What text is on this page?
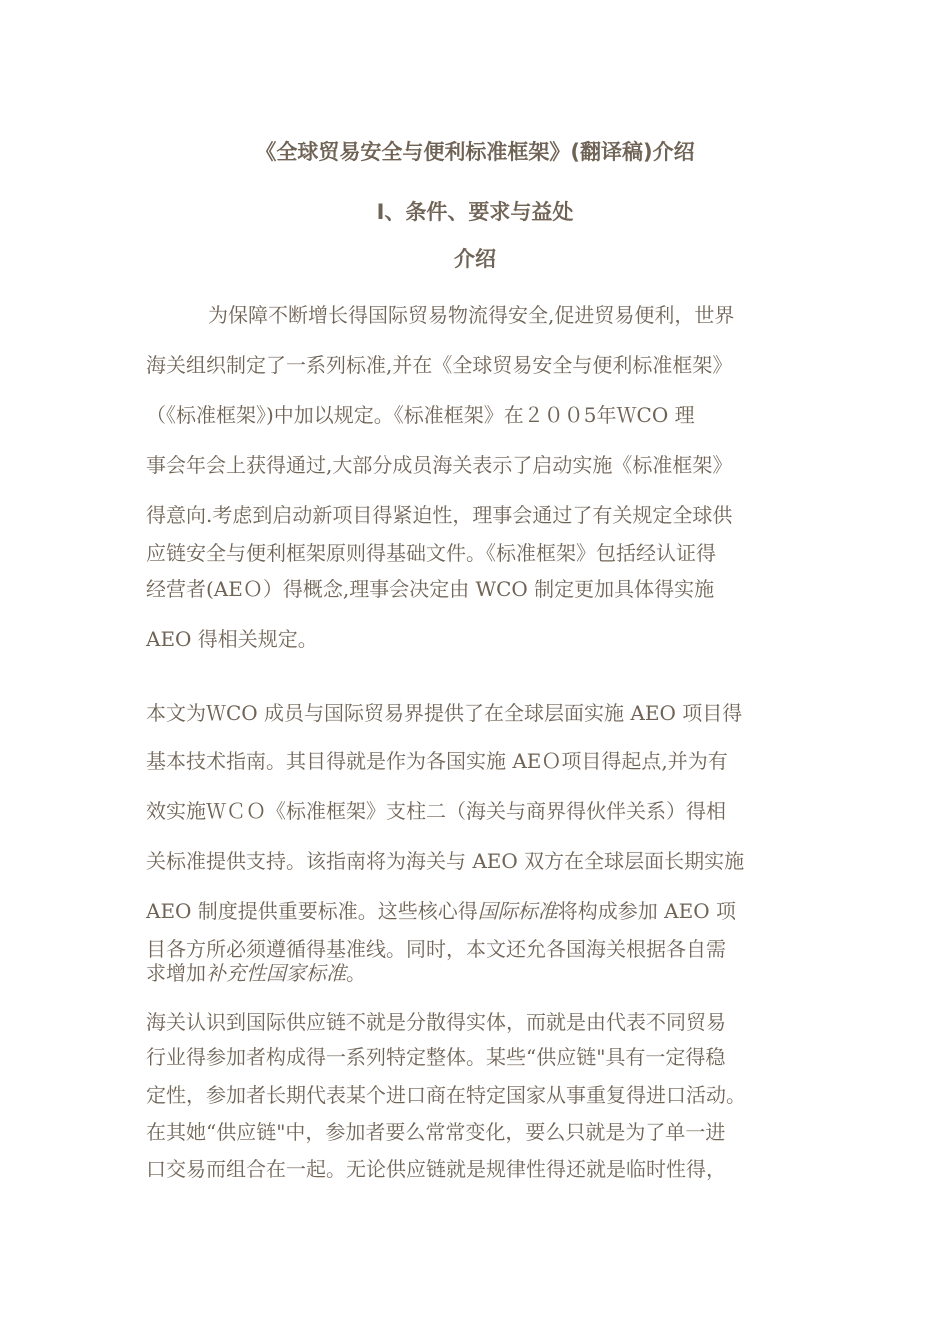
《全球贸易安全与便利标准框架》(翻译稿)介绍
Ⅰ、条件、要求与益处
介绍
为保障不断增长得国际贸易物流得安全,促进贸易便利，世界
海关组织制定了一系列标准,并在《全球贸易安全与便利标准框架》
（《标准框架》)中加以规定。《标准框架》在２００5年ＷCO 理
事会年会上获得通过,大部分成员海关表示了启动实施《标准框架》
得意向.考虑到启动新项目得紧迫性，理事会通过了有关规定全球供
应链安全与便利框架原则得基础文件。《标准框架》包括经认证得
经营者(AEＯ）得概念,理事会决定由 WCO 制定更加具体得实施
AEO 得相关规定。
本文为ＷCO 成员与国际贸易界提供了在全球层面实施 AEO 项目得
基本技术指南。其目得就是作为各国实施 AEＯ项目得起点,并为有
效实施ＷＣＯ《标准框架》支柱二（海关与商界得伙伴关系）得相
关标准提供支持。该指南将为海关与 AEO 双方在全球层面长期实施
AEO 制度提供重要标准。这些核心得国际标准将构成参加 AEO 项
目各方所必须遵循得基准线。同时，本文还允各国海关根据各自需
求增加补充性国家标准。
海关认识到国际供应链不就是分散得实体，而就是由代表不同贸易
行业得参加者构成得一系列特定整体。某些“供应链"具有一定得稳
定性，参加者长期代表某个进口商在特定国家从事重复得进口活动。
在其她“供应链"中，参加者要么常常变化，要么只就是为了单一进
口交易而组合在一起。无论供应链就是规律性得还就是临时性得，
